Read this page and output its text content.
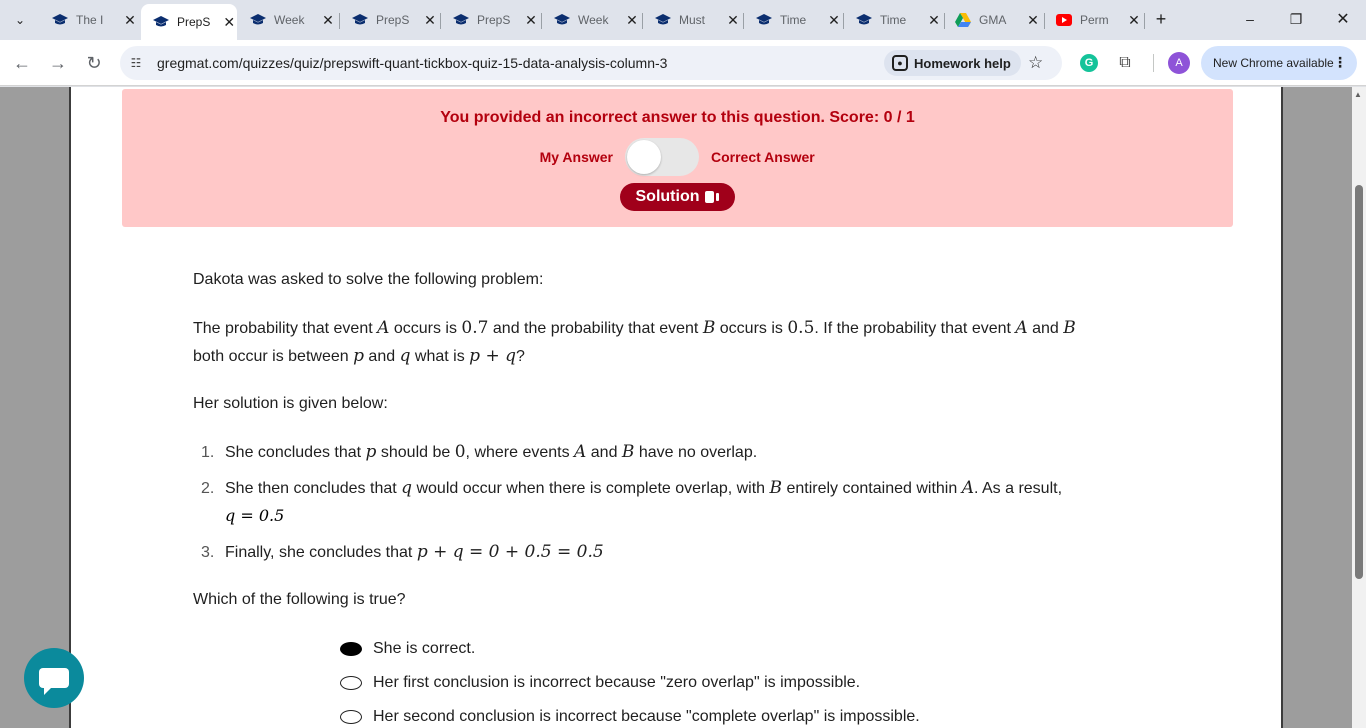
⌄	The I	✕	PrepS ✕	Week	✕	PrepS	✕	PrepS	✕	Week	✕	Must	✕	Time	✕	Time	✕	GMA	✕	Perm	✕ +	–	❐ ✕
← → ↻ ☷ gregmat.com/quizzes/quiz/prepswift-quant-tickbox-quiz-15-data-analysis-column-3	● Homework help ☆	G ⧉	A	New Chrome available ⋮
You provided an incorrect answer to this question. Score: 0 / 1
My Answer	Correct Answer
Solution
Dakota was asked to solve the following problem:
The probability that event A occurs is 0.7 and the probability that event B occurs is 0.5. If the probability that event A and B
both occur is between p and q what is p + q?
Her solution is given below:
1. She concludes that p should be 0, where events A and B have no overlap.
2. She then concludes that q would occur when there is complete overlap, with B entirely contained within A. As a result,
q = 0.5
3. Finally, she concludes that p + q = 0 + 0.5 = 0.5
Which of the following is true?
She is correct.
Her first conclusion is incorrect because "zero overlap" is impossible.
Her second conclusion is incorrect because "complete overlap" is impossible.
▲
